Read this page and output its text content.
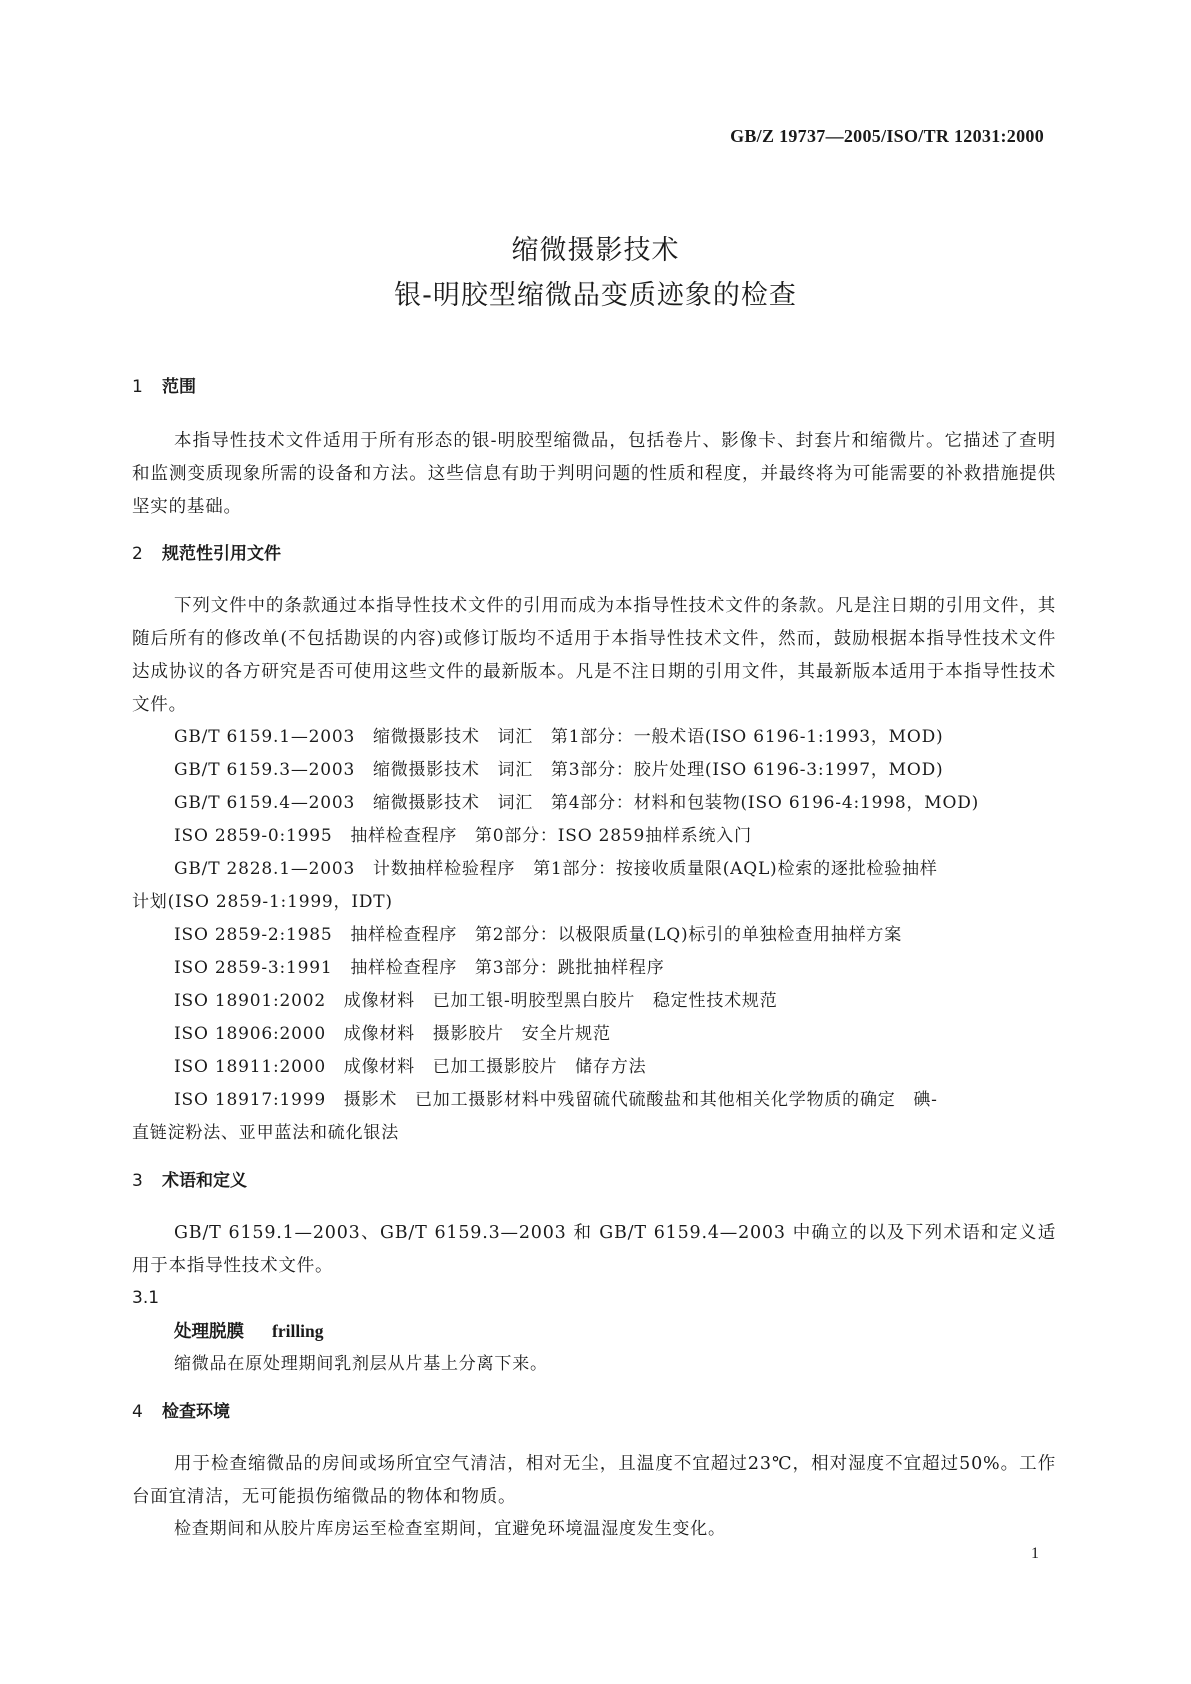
GB/Z 19737—2005/ISO/TR 12031:2000
缩微摄影技术
银-明胶型缩微品变质迹象的检查
1 范围
本指导性技术文件适用于所有形态的银-明胶型缩微品，包括卷片、影像卡、封套片和缩微片。它描述了查明和监测变质现象所需的设备和方法。这些信息有助于判明问题的性质和程度，并最终将为可能需要的补救措施提供坚实的基础。
2 规范性引用文件
下列文件中的条款通过本指导性技术文件的引用而成为本指导性技术文件的条款。凡是注日期的引用文件，其随后所有的修改单(不包括勘误的内容)或修订版均不适用于本指导性技术文件，然而，鼓励根据本指导性技术文件达成协议的各方研究是否可使用这些文件的最新版本。凡是不注日期的引用文件，其最新版本适用于本指导性技术文件。
GB/T 6159.1—2003　缩微摄影技术　词汇　第1部分：一般术语(ISO 6196-1:1993，MOD)
GB/T 6159.3—2003　缩微摄影技术　词汇　第3部分：胶片处理(ISO 6196-3:1997，MOD)
GB/T 6159.4—2003　缩微摄影技术　词汇　第4部分：材料和包装物(ISO 6196-4:1998，MOD)
ISO 2859-0:1995　抽样检查程序　第0部分：ISO 2859抽样系统入门
GB/T 2828.1—2003　计数抽样检验程序　第1部分：按接收质量限(AQL)检索的逐批检验抽样
计划(ISO 2859-1:1999，IDT)
ISO 2859-2:1985　抽样检查程序　第2部分：以极限质量(LQ)标引的单独检查用抽样方案
ISO 2859-3:1991　抽样检查程序　第3部分：跳批抽样程序
ISO 18901:2002　成像材料　已加工银-明胶型黑白胶片　稳定性技术规范
ISO 18906:2000　成像材料　摄影胶片　安全片规范
ISO 18911:2000　成像材料　已加工摄影胶片　储存方法
ISO 18917:1999　摄影术　已加工摄影材料中残留硫代硫酸盐和其他相关化学物质的确定　碘-
直链淀粉法、亚甲蓝法和硫化银法
3 术语和定义
GB/T 6159.1—2003、GB/T 6159.3—2003 和 GB/T 6159.4—2003 中确立的以及下列术语和定义适用于本指导性技术文件。
3.1
处理脱膜 frilling
缩微品在原处理期间乳剂层从片基上分离下来。
4 检查环境
用于检查缩微品的房间或场所宜空气清洁，相对无尘，且温度不宜超过23℃，相对湿度不宜超过50%。工作台面宜清洁，无可能损伤缩微品的物体和物质。
检查期间和从胶片库房运至检查室期间，宜避免环境温湿度发生变化。
1
